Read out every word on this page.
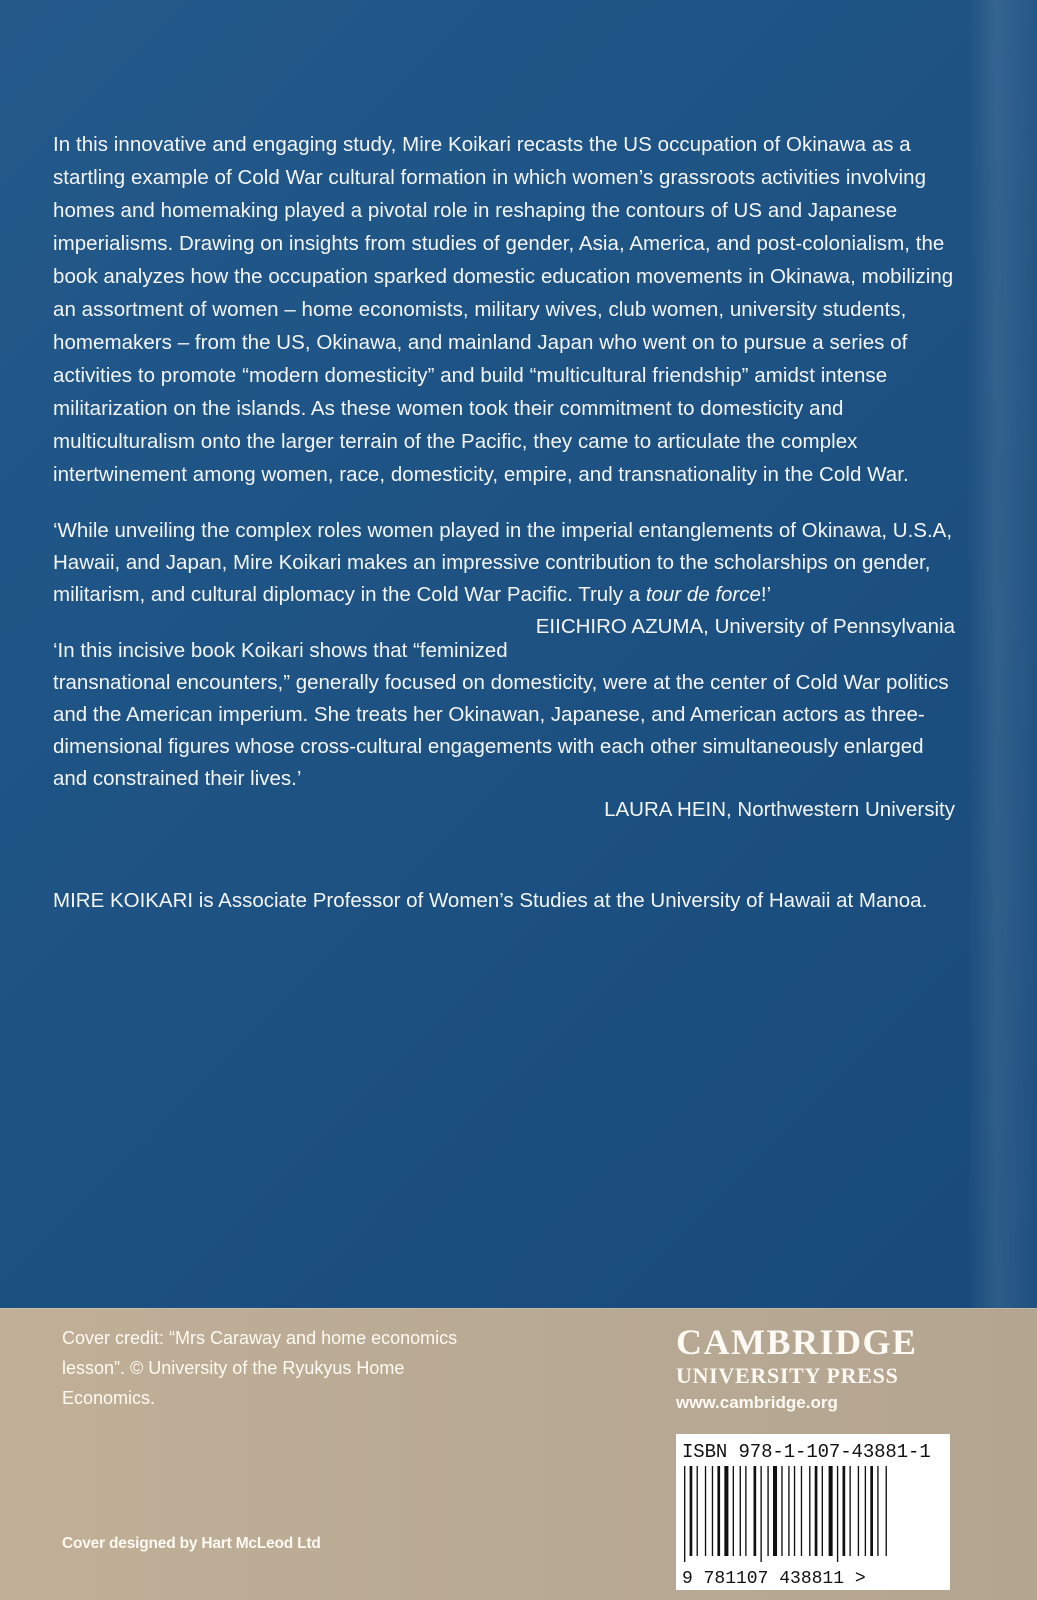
In this innovative and engaging study, Mire Koikari recasts the US occupation of Okinawa as a startling example of Cold War cultural formation in which women’s grassroots activities involving homes and homemaking played a pivotal role in reshaping the contours of US and Japanese imperialisms. Drawing on insights from studies of gender, Asia, America, and post-colonialism, the book analyzes how the occupation sparked domestic education movements in Okinawa, mobilizing an assortment of women – home economists, military wives, club women, university students, homemakers – from the US, Okinawa, and mainland Japan who went on to pursue a series of activities to promote “modern domesticity” and build “multicultural friendship” amidst intense militarization on the islands. As these women took their commitment to domesticity and multiculturalism onto the larger terrain of the Pacific, they came to articulate the complex intertwinement among women, race, domesticity, empire, and transnationality in the Cold War.

‘While unveiling the complex roles women played in the imperial entanglements of Okinawa, U.S.A, Hawaii, and Japan, Mire Koikari makes an impressive contribution to the scholarships on gender, militarism, and cultural diplomacy in the Cold War Pacific. Truly a tour de force!’
EIICHIRO AZUMA, University of Pennsylvania

‘In this incisive book Koikari shows that “feminized transnational encounters,” generally focused on domesticity, were at the center of Cold War politics and the American imperium. She treats her Okinawan, Japanese, and American actors as three-dimensional figures whose cross-cultural engagements with each other simultaneously enlarged and constrained their lives.’
LAURA HEIN, Northwestern University

MIRE KOIKARI is Associate Professor of Women’s Studies at the University of Hawaii at Manoa.

Cover credit: “Mrs Caraway and home economics lesson”. © University of the Ryukyus Home Economics.
Cover designed by Hart McLeod Ltd
CAMBRIDGE
UNIVERSITY PRESS
www.cambridge.org
ISBN 978-1-107-43881-1
9 781107 438811 >
